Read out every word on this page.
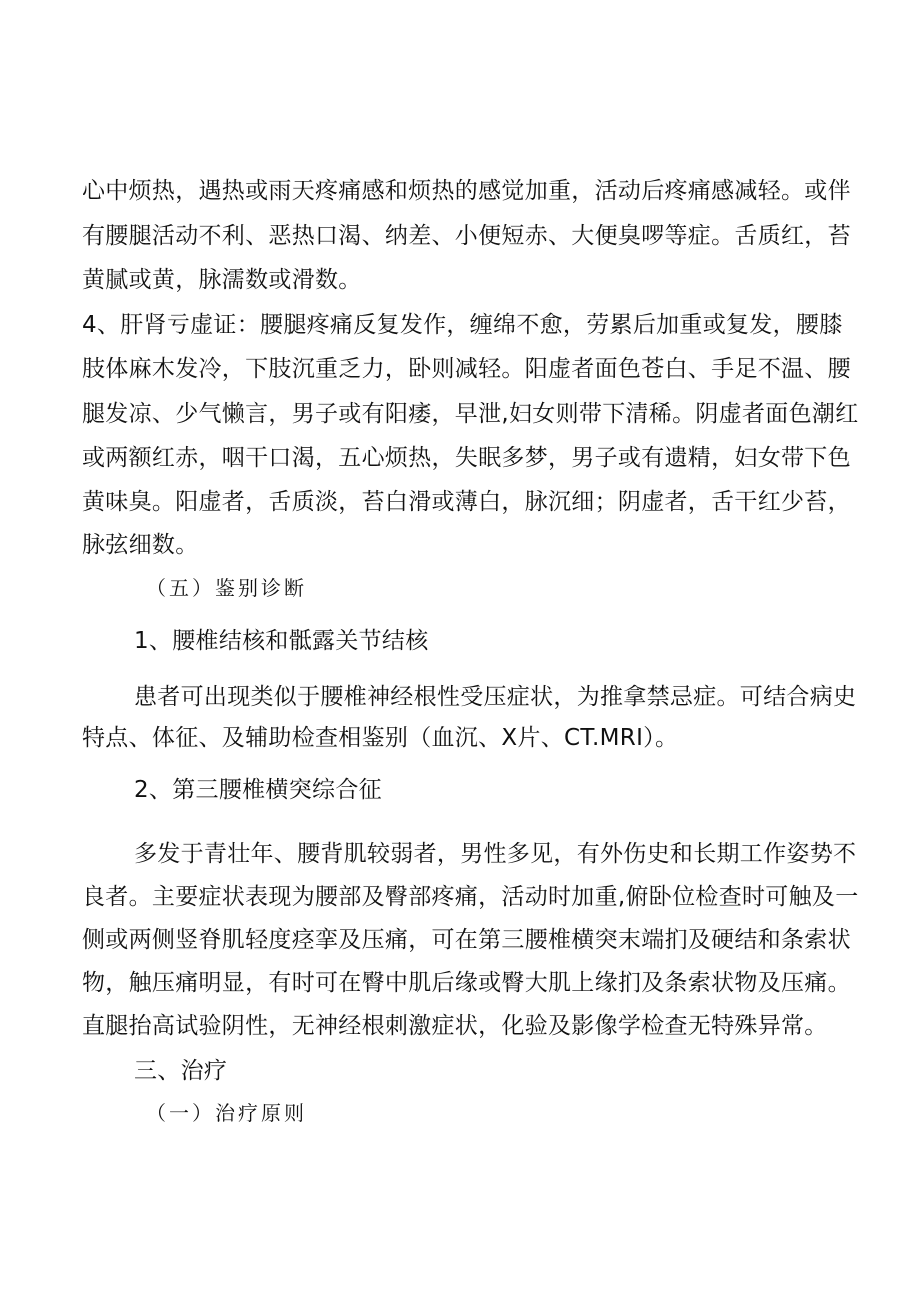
心中烦热，遇热或雨天疼痛感和烦热的感觉加重，活动后疼痛感减轻。或伴
有腰腿活动不利、恶热口渴、纳差、小便短赤、大便臭啰等症。舌质红，苔
黄腻或黄，脉濡数或滑数。
4、肝肾亏虚证：腰腿疼痛反复发作，缠绵不愈，劳累后加重或复发，腰膝
肢体麻木发冷，下肢沉重乏力，卧则减轻。阳虚者面色苍白、手足不温、腰
腿发凉、少气懒言，男子或有阳痿，早泄,妇女则带下清稀。阴虚者面色潮红
或两额红赤，咽干口渴，五心烦热，失眠多梦，男子或有遗精，妇女带下色
黄味臭。阳虚者，舌质淡，苔白滑或薄白，脉沉细；阴虚者，舌干红少苔，
脉弦细数。
（五）鉴别诊断
1、腰椎结核和骶露关节结核
患者可出现类似于腰椎神经根性受压症状，为推拿禁忌症。可结合病史
特点、体征、及辅助检查相鉴别（血沉、X片、CT.MRI）。
2、第三腰椎横突综合征
多发于青壮年、腰背肌较弱者，男性多见，有外伤史和长期工作姿势不
良者。主要症状表现为腰部及臀部疼痛，活动时加重,俯卧位检查时可触及一
侧或两侧竖脊肌轻度痉挛及压痛，可在第三腰椎横突末端扪及硬结和条索状
物，触压痛明显，有时可在臀中肌后缘或臀大肌上缘扪及条索状物及压痛。
直腿抬高试验阴性，无神经根刺激症状，化验及影像学检查无特殊异常。
三、治疗
（一）治疗原则
